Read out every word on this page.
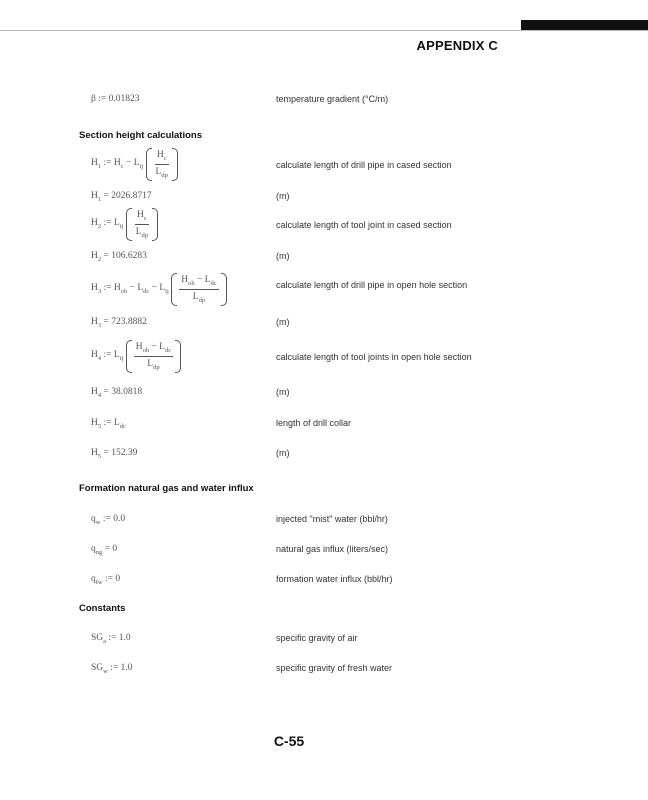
APPENDIX C
β := 0.01823	temperature gradient (°C/m)
Section height calculations
$H_1$ := $H_c - L_{tj} \frac{H_c}{L_{dp}}$	calculate length of drill pipe in cased section
$H_1 = 2026.8717$	(m)
$H_2$ := $L_{tj} \frac{H_c}{L_{dp}}$	calculate length of tool joint in cased section
$H_2 = 106.6283$	(m)
$H_3$ := $H_{oh} - L_{dc} - L_{tj} \frac{H_{oh} - L_{dc}}{L_{dp}}$	calculate length of drill pipe in open hole section
$H_3 = 723.8882$	(m)
$H_4$ := $L_{tj} \frac{H_{oh} - L_{dc}}{L_{dp}}$	calculate length of tool joints in open hole section
$H_4 = 38.0818$	(m)
$H_5$ := $L_{dc}$	length of drill collar
$H_5 = 152.39$	(m)
Formation natural gas and water influx
$q_w$ := 0.0	injected "mist" water (bbl/hr)
$q_{ng} = 0$	natural gas influx (liters/sec)
$q_{fw}$ := 0	formation water influx (bbl/hr)
Constants
$SG_a$ := 1.0	specific gravity of air
$SG_w$ := 1.0	specific gravity of fresh water
C-55
